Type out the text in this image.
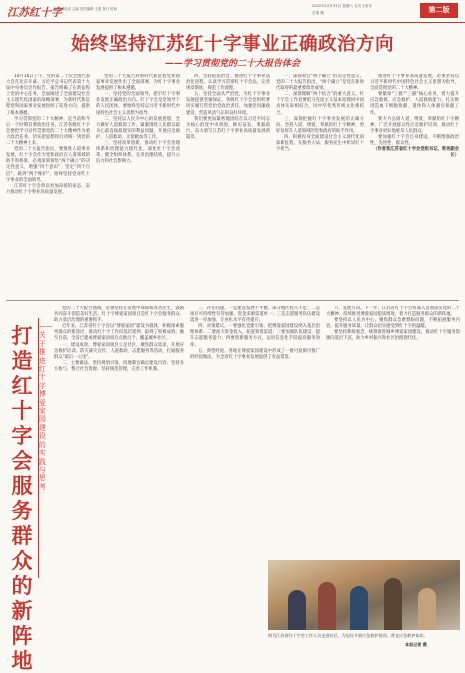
江苏红十字
编辑部电话 主编 责任编辑 王建 发行 时间
2022年12月31日 星期六 农历壬寅年
总第 期	第二版
始终坚持江苏红十字事业正确政治方向
——学习贯彻党的二十大报告体会

10月16日上午，党的第二十次全国代表大会在北京开幕。习近平总书记代表第十九届中央委员会作报告。报告明确了在新征程上党的中心任务，全面阐述了全面建设社会主义现代化国家的战略部署，为新时代新征程党和国家事业发展指明了前进方向、提供了根本遵循。

学习贯彻党的二十大精神，是当前和今后一个时期首要政治任务。江苏各级红十字会要把学习宣传贯彻党的二十大精神作为重大政治任务，切实把思想和行动统一到党的二十大精神上来。

党的二十大报告指出，要推进人道事业发展，红十字会作为党和政府在人道领域的助手和桥梁，必须深刻领悟“两个确立”的决定性意义，增强“四个意识”、坚定“四个自信”、做到“两个维护”，始终坚持党对红十字事业的全面领导。

江苏红十字会将以更加昂扬的姿态，奋力推动红十字事业高质量发展。

党的二十大报告对新时代新征程党和国家事业发展作出了全面部署，为红十字事业发展提供了根本遵循。

一、坚持党的全面领导，把牢红十字事业发展正确政治方向。红十字会是党领导下的人民团体，要始终坚持以习近平新时代中国特色社会主义思想为指导。

二、坚持以人民为中心的发展思想，全力做好人道救助工作。紧紧围绕人民群众最关心最直接最现实的利益问题，开展应急救护、人道救助、无偿献血等工作。

三、坚持改革创新，推动红十字会治理体系和治理能力现代化。深化红十字会改革，健全组织体系，完善治理结构，提升公信力和社会影响力。

四、坚持依法治会，推进红十字事业法治化进程。认真学习贯彻红十字会法，完善规章制度，规范工作流程。

五、坚持全面从严治党，为红十字事业发展提供坚强保证。各级红十字会党组织要切实履行管党治党政治责任，加强党风廉政建设，营造风清气正的良好环境。

我们要更加紧密地团结在以习近平同志为核心的党中央周围，踔厉奋发、勇毅前行，奋力谱写江苏红十字事业高质量发展新篇章。

一、深刻领会“两个确立”的决定性意义。党的二十大报告指出，“两个确立”是党在新时代取得的最重要政治成果。

二、深刻理解“两个结合”的重大意义。红十字会工作者要把马克思主义基本原理同中国具体实际相结合，同中华优秀传统文化相结合。

三、深刻把握红十字事业发展的正确方向。坚持人道、博爱、奉献的红十字精神，更好发挥在人道领域的党和政府的助手作用。

四、积极投身全面建设社会主义现代化国家新征程，在服务大局、服务民生中彰显红十字担当。

推进红十字事业高质量发展，必须坚持以习近平新时代中国特色社会主义思想为指导，全面贯彻党的二十大精神。

要紧扣“三救”“三献”核心业务，着力提升应急救援、应急救护、人道救助能力，扎实推进造血干细胞捐献、遗体和人体器官捐献工作。

要大力弘扬人道、博爱、奉献的红十字精神，广泛开展群众性应急救护培训，推动红十字事业更好地惠及人民群众。

要加强红十字会自身建设，不断增强政治性、先进性、群众性。

（作者系江苏省红十字会党组书记、常务副会长）
打造红十字会服务群众的新阵地
—— 关于推进红十字博爱家园建设的实践与思考

党的二十大报告强调，必须坚持在发展中保障和改善民生，鼓励共同奋斗创造美好生活。红十字博爱家园项目是红十字会服务群众、助力基层治理的重要抓手。

近年来，江苏省红十字会以“博爱家园”建设为载体，积极探索服务群众的新途径，推动红十字工作向基层延伸，取得了积极成效。截至目前，全省已建成博爱家园项目点数百个，覆盖城乡社区。

一、建设成效。博爱家园项目立足社区，聚焦群众需求，开展应急救护培训、防灾减灾宣传、人道救助、志愿服务等活动，打通服务群众“最后一公里”。

二、主要做法。坚持规划引领，因地制宜确定建设内容；坚持多方参与，整合社会资源；坚持规范管理，完善工作机制。

三、存在问题。一是建设发展不平衡，部分地区投入不足；二是项目可持续性有待加强，资金来源渠道单一；三是志愿服务队伍建设需进一步加强，专业化水平有待提升。

四、对策建议。一要强化党建引领，把博爱家园建设纳入基层治理体系；二要加大资金投入，拓宽筹资渠道；三要加强队伍建设，提升志愿服务能力；四要创新服务方式，运用信息化手段提高服务效率。

五、典型经验。各地在博爱家园建设中形成了一批可复制可推广的经验做法，为全省红十字事业发展提供了有益借鉴。

六、发展方向。下一步，江苏省红十字会将深入贯彻落实党的二十大精神，持续推进博爱家园提质增效，着力打造服务群众的新阵地。

要坚持以人民为中心，聚焦群众急难愁盼问题，不断拓展服务内容，提升服务质量，让群众切实感受到红十字的温暖。

要坚持系统观念，统筹推进城乡博爱家园建设，推动红十字服务资源向基层下沉，助力乡村振兴和社区治理现代化。

图为江苏省红十字会工作人员走进社区，为居民开展应急救护培训，普及应急救护知识。
本报记者 摄
